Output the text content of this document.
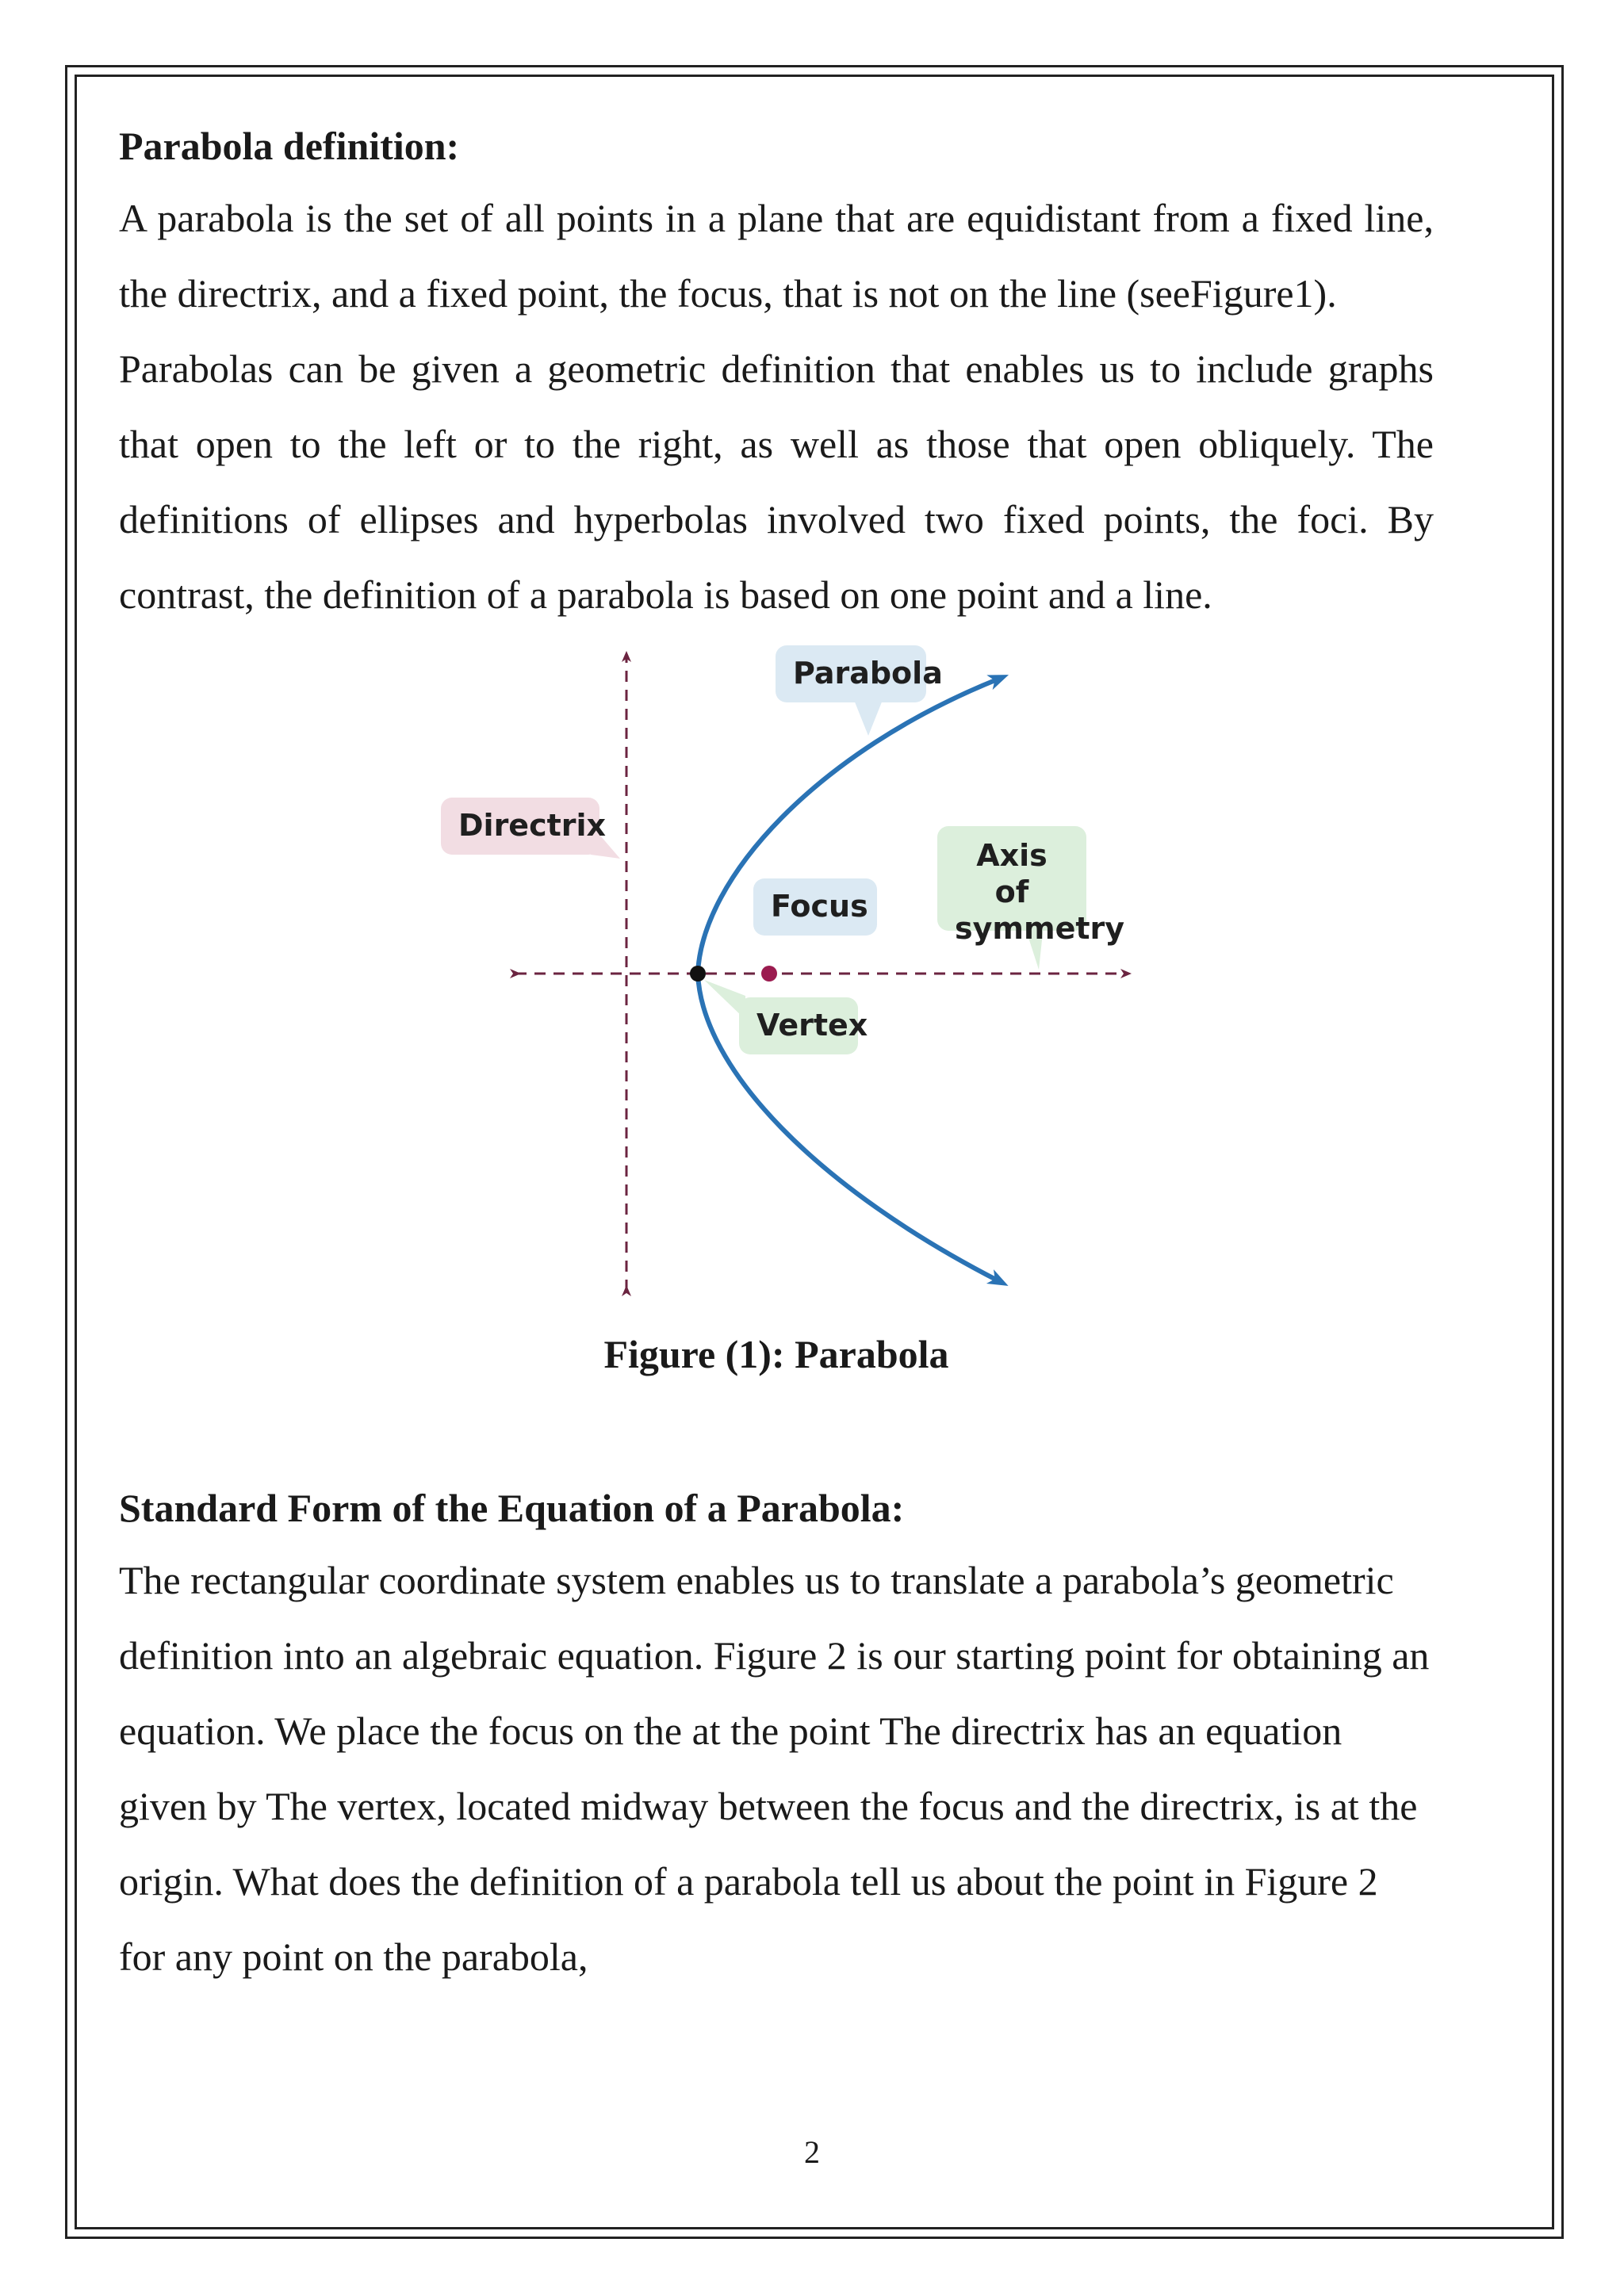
Parabola definition:

A parabola is the set of all points in a plane that are equidistant from a fixed line, the directrix, and a fixed point, the focus, that is not on the line (seeFigure1).

Parabolas can be given a geometric definition that enables us to include graphs that open to the left or to the right, as well as those that open obliquely. The definitions of ellipses and hyperbolas involved two fixed points, the foci. By contrast, the definition of a parabola is based on one point and a line.

Parabola
Directrix
Focus
Axis of
symmetry
Vertex

Figure (1): Parabola

Standard Form of the Equation of a Parabola:

The rectangular coordinate system enables us to translate a parabola’s geometric definition into an algebraic equation. Figure 2 is our starting point for obtaining an equation. We place the focus on the at the point The directrix has an equation given by The vertex, located midway between the focus and the directrix, is at the origin. What does the definition of a parabola tell us about the point in Figure 2 for any point on the parabola,

2
